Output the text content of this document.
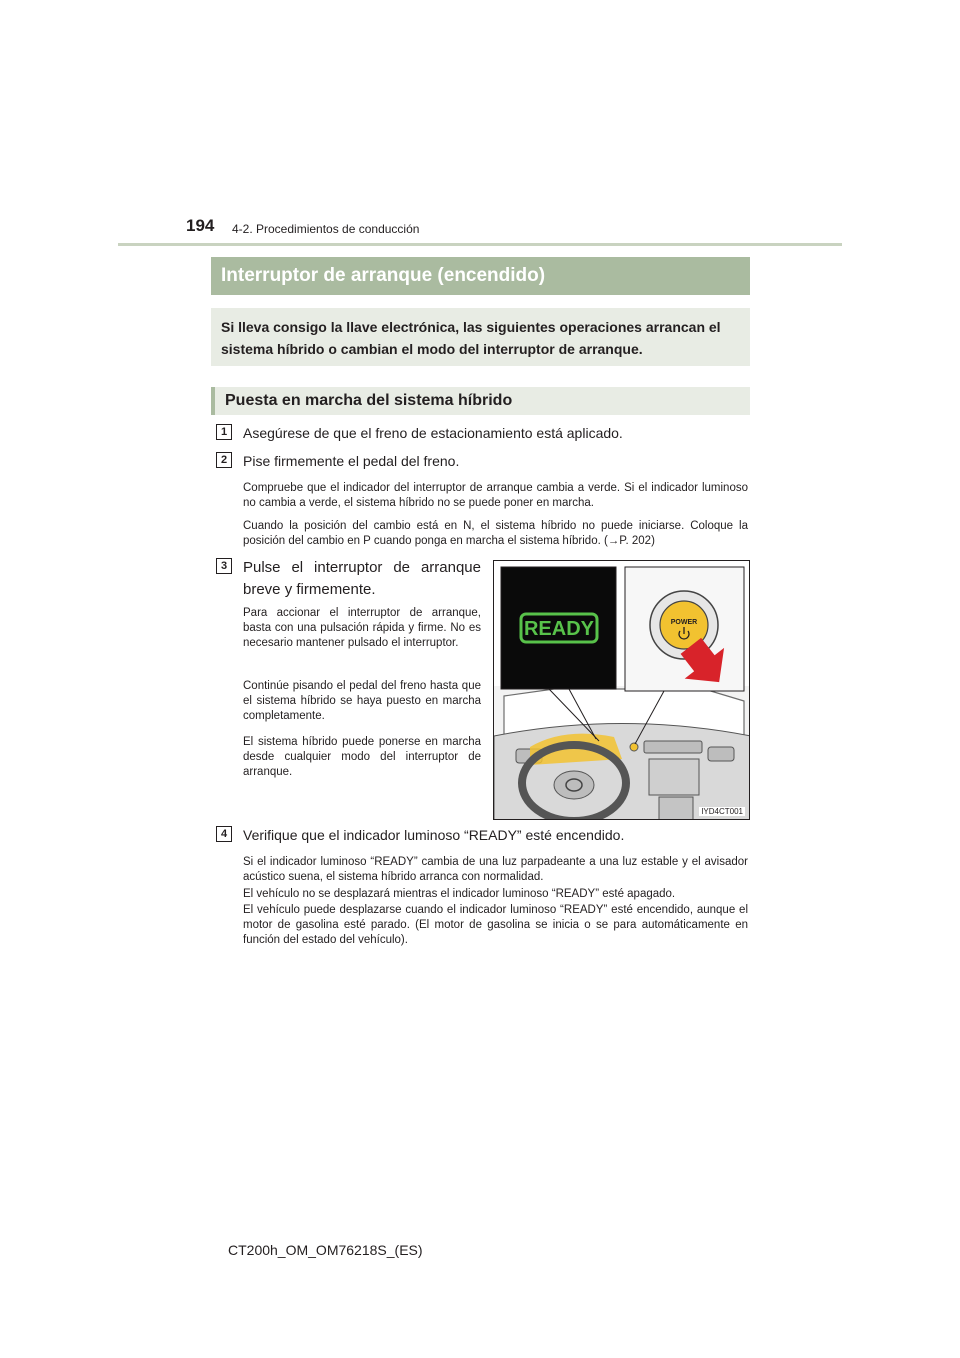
194 4-2. Procedimientos de conducción
Interruptor de arranque (encendido)
Si lleva consigo la llave electrónica, las siguientes operaciones arrancan el sistema híbrido o cambian el modo del interruptor de arranque.
Puesta en marcha del sistema híbrido
1	Asegúrese de que el freno de estacionamiento está aplicado.
2	Pise firmemente el pedal del freno.
Compruebe que el indicador del interruptor de arranque cambia a verde. Si el indicador luminoso no cambia a verde, el sistema híbrido no se puede poner en marcha.
Cuando la posición del cambio está en N, el sistema híbrido no puede iniciarse. Coloque la posición del cambio en P cuando ponga en marcha el sistema híbrido. (→P. 202)
3	Pulse el interruptor de arranque breve y firmemente.
Para accionar el interruptor de arranque, basta con una pulsación rápida y firme. No es necesario mantener pulsado el interruptor.
Continúe pisando el pedal del freno hasta que el sistema híbrido se haya puesto en marcha completamente.
El sistema híbrido puede ponerse en marcha desde cualquier modo del interruptor de arranque.
READY	POWER
IYD4CT001
4	Verifique que el indicador luminoso “READY” esté encendido.
Si el indicador luminoso “READY” cambia de una luz parpadeante a una luz estable y el avisador acústico suena, el sistema híbrido arranca con normalidad.
El vehículo no se desplazará mientras el indicador luminoso “READY” esté apagado.
El vehículo puede desplazarse cuando el indicador luminoso “READY” esté encendido, aunque el motor de gasolina esté parado. (El motor de gasolina se inicia o se para automáticamente en función del estado del vehículo).
CT200h_OM_OM76218S_(ES)
